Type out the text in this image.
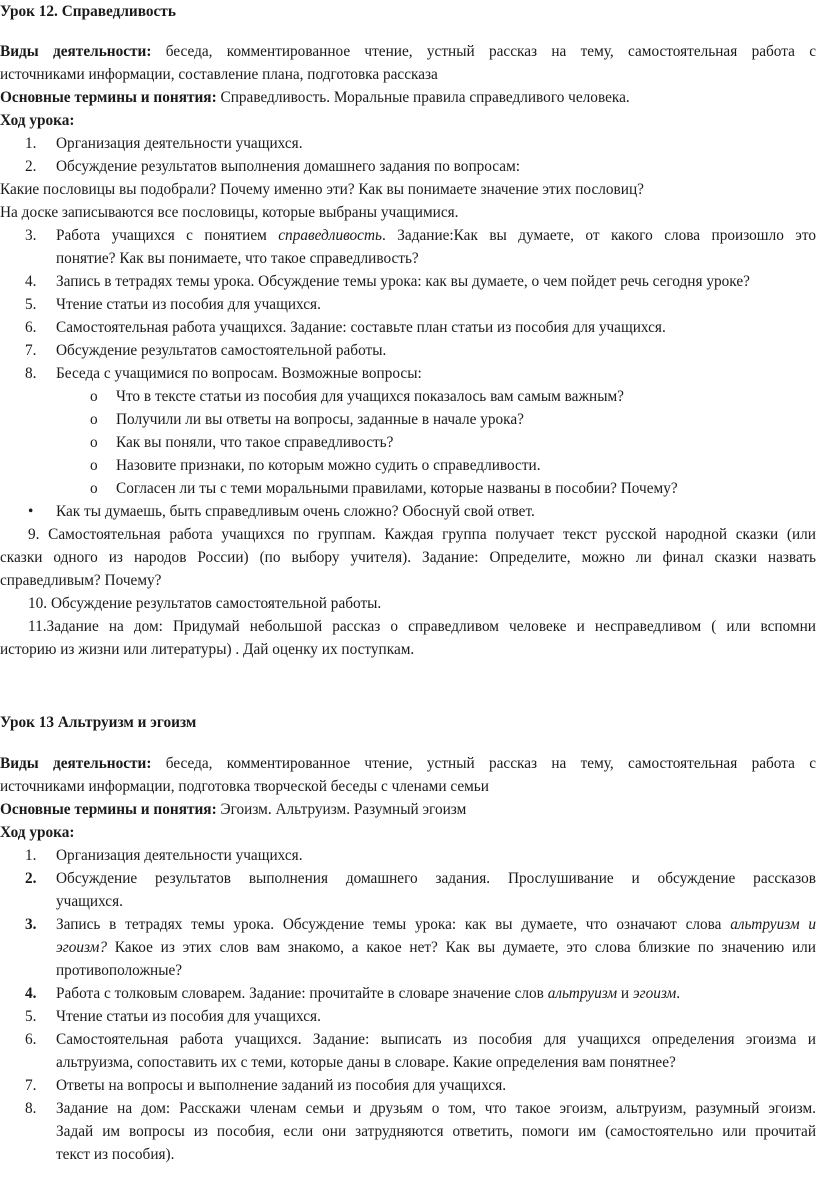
Урок 12. Справедливость
Виды деятельности: беседа, комментированное чтение, устный рассказ на тему, самостоятельная работа с
источниками информации, составление плана, подготовка рассказа
Основные термины и понятия: Справедливость. Моральные правила справедливого человека.
Ход урока:
1. Организация деятельности учащихся.
2. Обсуждение результатов выполнения домашнего задания по вопросам:
Какие пословицы вы подобрали? Почему именно эти? Как вы понимаете значение этих пословиц?
На доске записываются все пословицы, которые выбраны учащимися.
3. Работа учащихся с понятием справедливость. Задание:Как вы думаете, от какого слова произошло это
понятие? Как вы понимаете, что такое справедливость?
4. Запись в тетрадях темы урока. Обсуждение темы урока: как вы думаете, о чем пойдет речь сегодня уроке?
5. Чтение статьи из пособия для учащихся.
6. Самостоятельная работа учащихся. Задание: составьте план статьи из пособия для учащихся.
7. Обсуждение результатов самостоятельной работы.
8. Беседа с учащимися по вопросам. Возможные вопросы:
o Что в тексте статьи из пособия для учащихся показалось вам самым важным?
o Получили ли вы ответы на вопросы, заданные в начале урока?
o Как вы поняли, что такое справедливость?
o Назовите признаки, по которым можно судить о справедливости.
o Согласен ли ты с теми моральными правилами, которые названы в пособии? Почему?
• Как ты думаешь, быть справедливым очень сложно? Обоснуй свой ответ.
9. Самостоятельная работа учащихся по группам. Каждая группа получает текст русской народной сказки (или
сказки одного из народов России) (по выбору учителя). Задание: Определите, можно ли финал сказки назвать
справедливым? Почему?
10. Обсуждение результатов самостоятельной работы.
11.Задание на дом: Придумай небольшой рассказ о справедливом человеке и несправедливом ( или вспомни
историю из жизни или литературы) . Дай оценку их поступкам.
Урок 13 Альтруизм и эгоизм
Виды деятельности: беседа, комментированное чтение, устный рассказ на тему, самостоятельная работа с
источниками информации, подготовка творческой беседы с членами семьи
Основные термины и понятия: Эгоизм. Альтруизм. Разумный эгоизм
Ход урока:
1. Организация деятельности учащихся.
2. Обсуждение результатов выполнения домашнего задания. Прослушивание и обсуждение рассказов
учащихся.
3. Запись в тетрадях темы урока. Обсуждение темы урока: как вы думаете, что означают слова альтруизм и
эгоизм? Какое из этих слов вам знакомо, а какое нет? Как вы думаете, это слова близкие по значению или
противоположные?
4. Работа с толковым словарем. Задание: прочитайте в словаре значение слов альтруизм и эгоизм.
5. Чтение статьи из пособия для учащихся.
6. Самостоятельная работа учащихся. Задание: выписать из пособия для учащихся определения эгоизма и
альтруизма, сопоставить их с теми, которые даны в словаре. Какие определения вам понятнее?
7. Ответы на вопросы и выполнение заданий из пособия для учащихся.
8. Задание на дом: Расскажи членам семьи и друзьям о том, что такое эгоизм, альтруизм, разумный эгоизм.
Задай им вопросы из пособия, если они затрудняются ответить, помоги им (самостоятельно или прочитай
текст из пособия).
